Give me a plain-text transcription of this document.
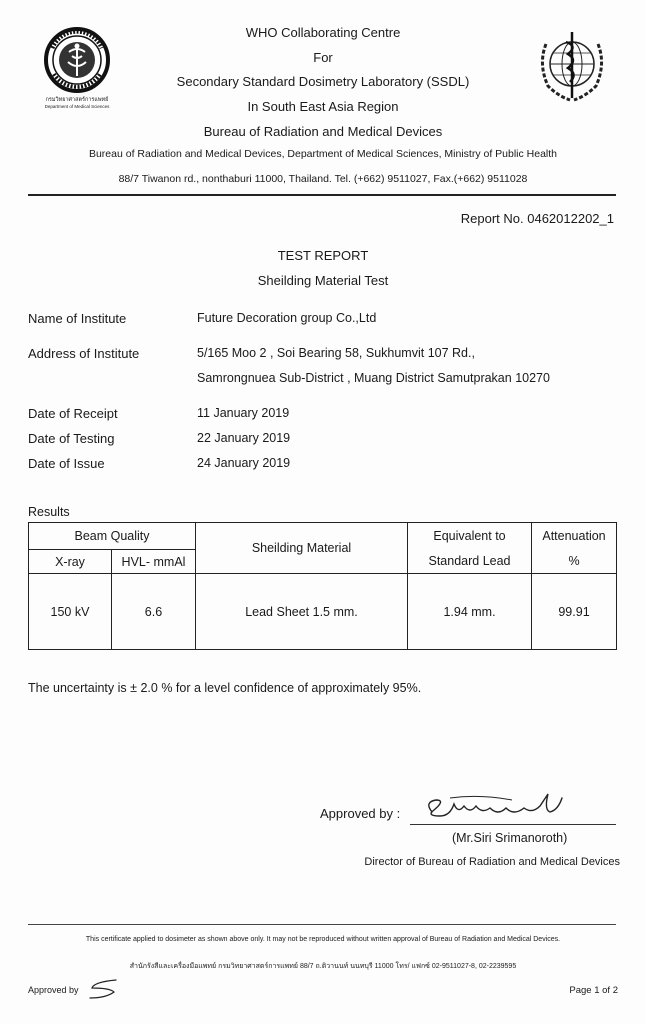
กรมวิทยาศาสตร์การแพทย์
Department of Medical Sciences
WHO Collaborating Centre
For
Secondary Standard Dosimetry Laboratory (SSDL)
In South East Asia Region
Bureau of Radiation and Medical Devices
Bureau of Radiation and Medical Devices, Department of Medical Sciences, Ministry of Public Health
88/7 Tiwanon rd., nonthaburi 11000, Thailand. Tel. (+662) 9511027, Fax.(+662) 9511028
Report No. 0462012202_1
TEST REPORT
Sheilding Material Test
Name of Institute	Future Decoration group Co.,Ltd
Address of Institute	5/165 Moo 2 , Soi Bearing 58, Sukhumvit 107 Rd.,
Samrongnuea Sub-District , Muang District Samutprakan 10270
Date of Receipt	11 January 2019
Date of Testing	22 January 2019
Date of Issue	24 January 2019
Results
Beam Quality		Sheilding Material	Equivalent to	Attenuation
X-ray	HVL- mmAl		Standard Lead	%
150 kV	6.6	Lead Sheet 1.5 mm.	1.94 mm.	99.91
The uncertainty is ± 2.0 % for a level confidence of approximately 95%.
Approved by :
(Mr.Siri Srimanoroth)
Director of Bureau of Radiation and Medical Devices
This certificate applied to dosimeter as shown above only. It may not be reproduced without written approval of Bureau of Radiation and Medical Devices.
สำนักรังสีและเครื่องมือแพทย์ กรมวิทยาศาสตร์การแพทย์ 88/7 ถ.ติวานนท์ นนทบุรี 11000 โทร/ แฟกซ์ 02-9511027-8, 02-2239595
Approved by	Page 1 of 2
